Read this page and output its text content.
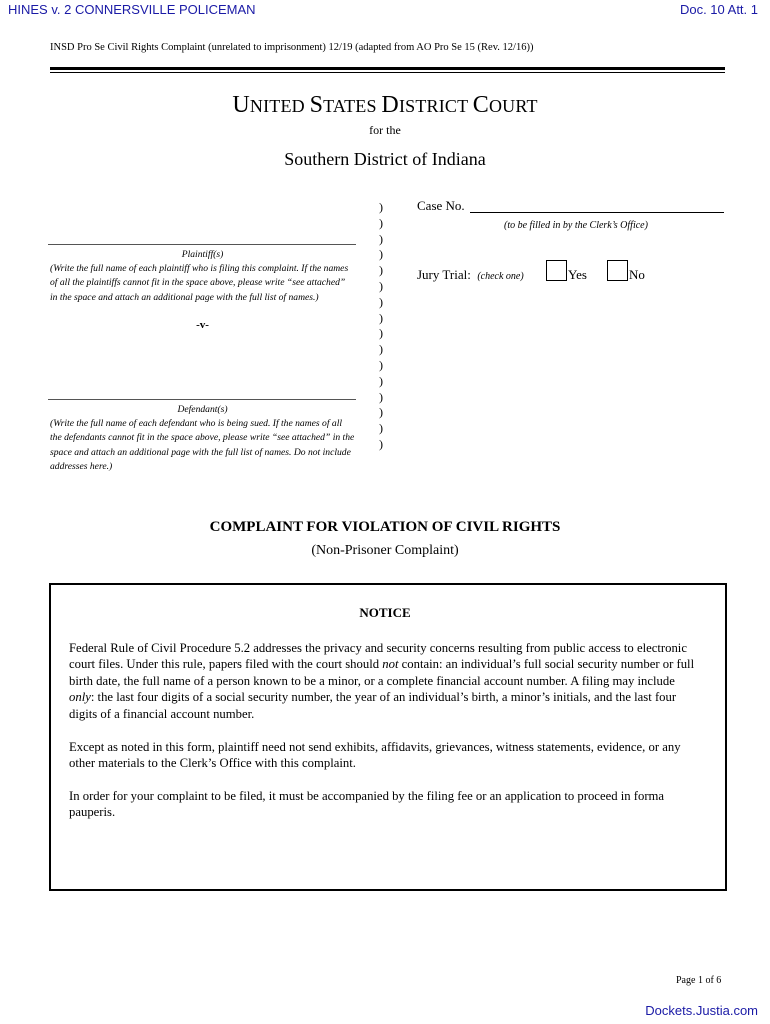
HINES v. 2 CONNERSVILLE POLICEMAN	Doc. 10 Att. 1
INSD Pro Se Civil Rights Complaint (unrelated to imprisonment) 12/19 (adapted from AO Pro Se 15 (Rev. 12/16))
UNITED STATES DISTRICT COURT
for the
Southern District of Indiana
)
)
)
)
)
)
)
)
)
)
)
)
)
)
)
)
Plaintiff(s)
(Write the full name of each plaintiff who is filing this complaint. If the names of all the plaintiffs cannot fit in the space above, please write “see attached” in the space and attach an additional page with the full list of names.)
-v-
Defendant(s)
(Write the full name of each defendant who is being sued. If the names of all the defendants cannot fit in the space above, please write “see attached” in the space and attach an additional page with the full list of names. Do not include addresses here.)
Case No.
(to be filled in by the Clerk’s Office)
Jury Trial: (check one)	Yes	No
COMPLAINT FOR VIOLATION OF CIVIL RIGHTS
(Non-Prisoner Complaint)
NOTICE
Federal Rule of Civil Procedure 5.2 addresses the privacy and security concerns resulting from public access to electronic court files. Under this rule, papers filed with the court should not contain: an individual’s full social security number or full birth date, the full name of a person known to be a minor, or a complete financial account number. A filing may include only: the last four digits of a social security number, the year of an individual’s birth, a minor’s initials, and the last four digits of a financial account number.
Except as noted in this form, plaintiff need not send exhibits, affidavits, grievances, witness statements, evidence, or any other materials to the Clerk’s Office with this complaint.
In order for your complaint to be filed, it must be accompanied by the filing fee or an application to proceed in forma pauperis.
Page 1 of 6
Dockets.Justia.com
